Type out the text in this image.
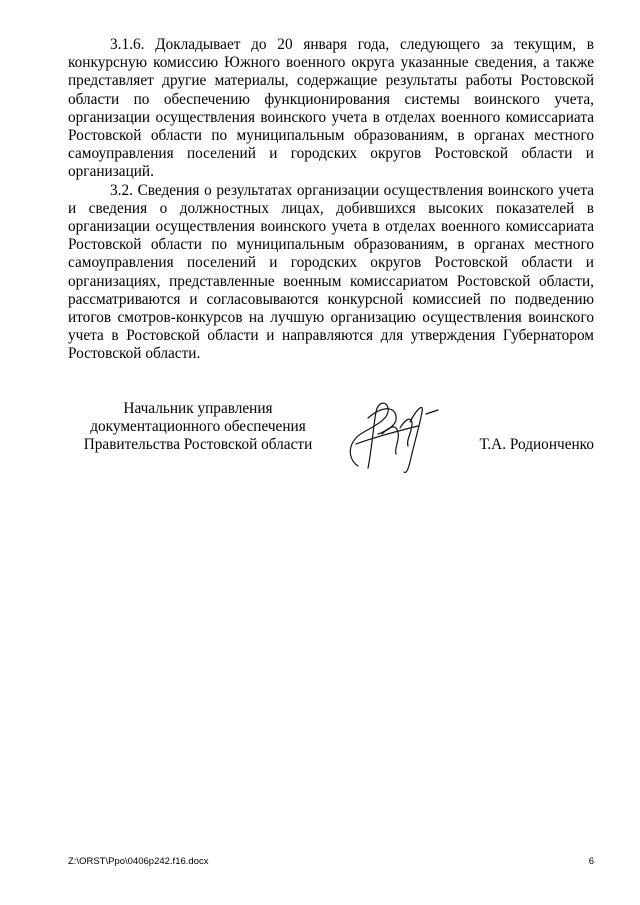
3.1.6. Докладывает до 20 января года, следующего за текущим, в конкурсную комиссию Южного военного округа указанные сведения, а также представляет другие материалы, содержащие результаты работы Ростовской области по обеспечению функционирования системы воинского учета, организации осуществления воинского учета в отделах военного комиссариата Ростовской области по муниципальным образованиям, в органах местного самоуправления поселений и городских округов Ростовской области и организаций.

3.2. Сведения о результатах организации осуществления воинского учета и сведения о должностных лицах, добившихся высоких показателей в организации осуществления воинского учета в отделах военного комиссариата Ростовской области по муниципальным образованиям, в органах местного самоуправления поселений и городских округов Ростовской области и организациях, представленные военным комиссариатом Ростовской области, рассматриваются и согласовываются конкурсной комиссией по подведению итогов смотров-конкурсов на лучшую организацию осуществления воинского учета в Ростовской области и направляются для утверждения Губернатором Ростовской области.

Начальник управления
документационного обеспечения
Правительства Ростовской области	Т.А. Родионченко
Z:\ORST\Ppo\0406p242.f16.docx	6
